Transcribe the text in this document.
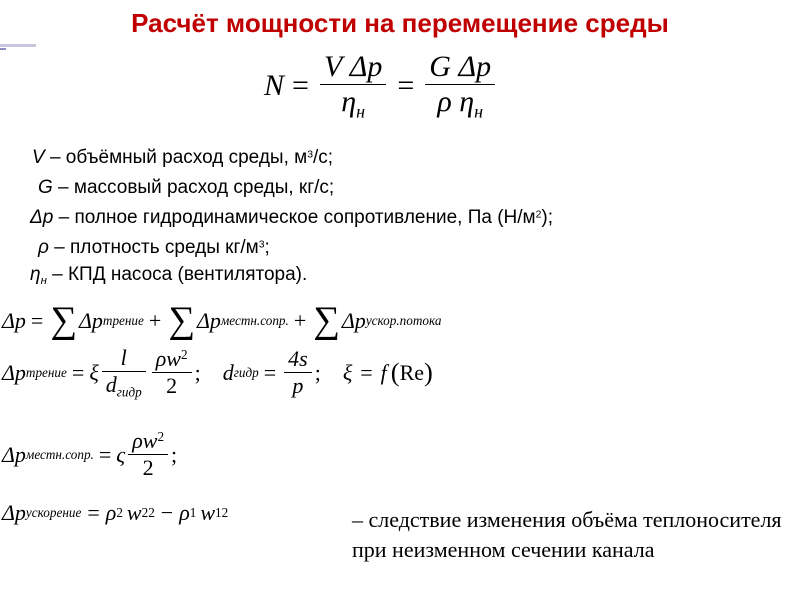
Расчёт мощности на перемещение среды
$N = \frac{\text{V Δp}}{\eta_н} = \frac{\text{G Δp}}{\rho \eta_н}$
V – объёмный расход среды, $м^3/с$;
G – массовый расход среды, кг/с;
Δp – полное гидродинамическое сопротивление, Па $(Н/м^2)$;
ρ – плотность среды $кг/м^3$;
$\eta_н$ – КПД насоса (вентилятора).
Δp = ∑ Δp трение + ∑ Δp местн.сопр. + ∑ Δp ускор.потока
Δp трение = ξ $\frac{l}{d_{гидр}} \frac{\rho w^2}{2}$ ; d гидр = $\frac{4s}{p}$ ; ξ = f ( Re )
Δp местн.сопр. = ς $\frac{\rho w^2}{2}$ ;
Δp ускорение = ρ 2 w 2 2 − ρ 1 w 1 2	– следствие изменения объёма теплоносителя при неизменном сечении канала
